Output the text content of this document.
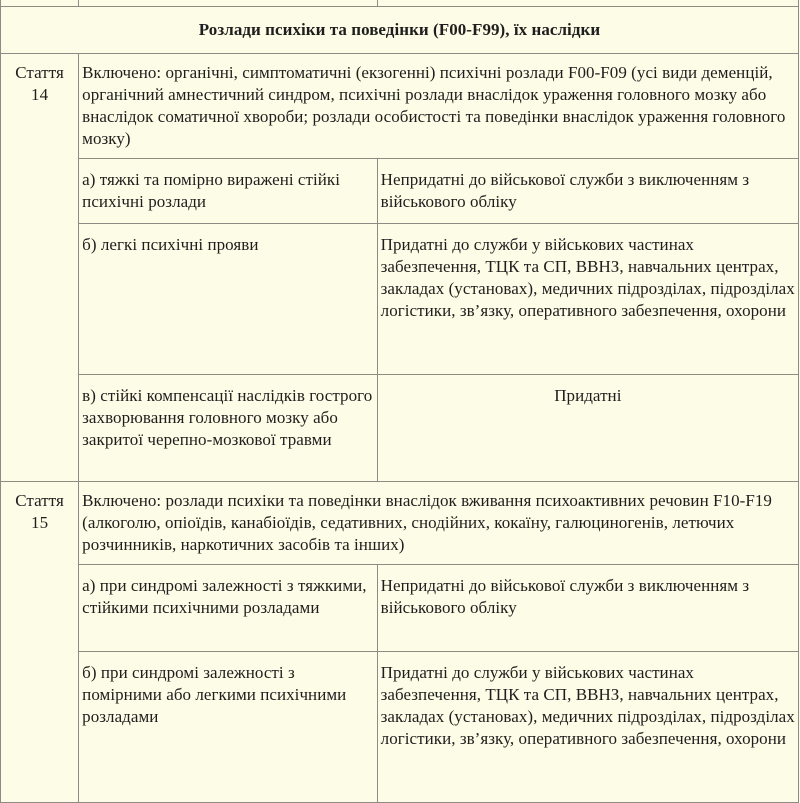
Розлади психіки та поведінки (F00-F99), їх наслідки		

Стаття
14	Включено: органічні, симптоматичні (екзогенні) психічні розлади F00-F09 (усі види деменцій, органічний амнестичний синдром, психічні розлади внаслідок ураження головного мозку або внаслідок соматичної хвороби; розлади особистості та поведінки внаслідок ураження головного мозку)	
	а) тяжкі та помірно виражені стійкі психічні розлади	Непридатні до військової служби з виключенням з військового обліку
	б) легкі психічні прояви	Придатні до служби у військових частинах забезпечення, ТЦК та СП, ВВНЗ, навчальних центрах, закладах (установах), медичних підрозділах, підрозділах логістики, зв’язку, оперативного забезпечення, охорони
	в) стійкі компенсації наслідків гострого захворювання головного мозку або закритої черепно-мозкової травми	Придатні

Стаття
15	Включено: розлади психіки та поведінки внаслідок вживання психоактивних речовин F10-F19 (алкоголю, опіоїдів, канабіоїдів, седативних, снодійних, кокаїну, галюциногенів, летючих розчинників, наркотичних засобів та інших)	
	а) при синдромі залежності з тяжкими, стійкими психічними розладами	Непридатні до військової служби з виключенням з військового обліку
	б) при синдромі залежності з помірними або легкими психічними розладами	Придатні до служби у військових частинах забезпечення, ТЦК та СП, ВВНЗ, навчальних центрах, закладах (установах), медичних підрозділах, підрозділах логістики, зв’язку, оперативного забезпечення, охорони
